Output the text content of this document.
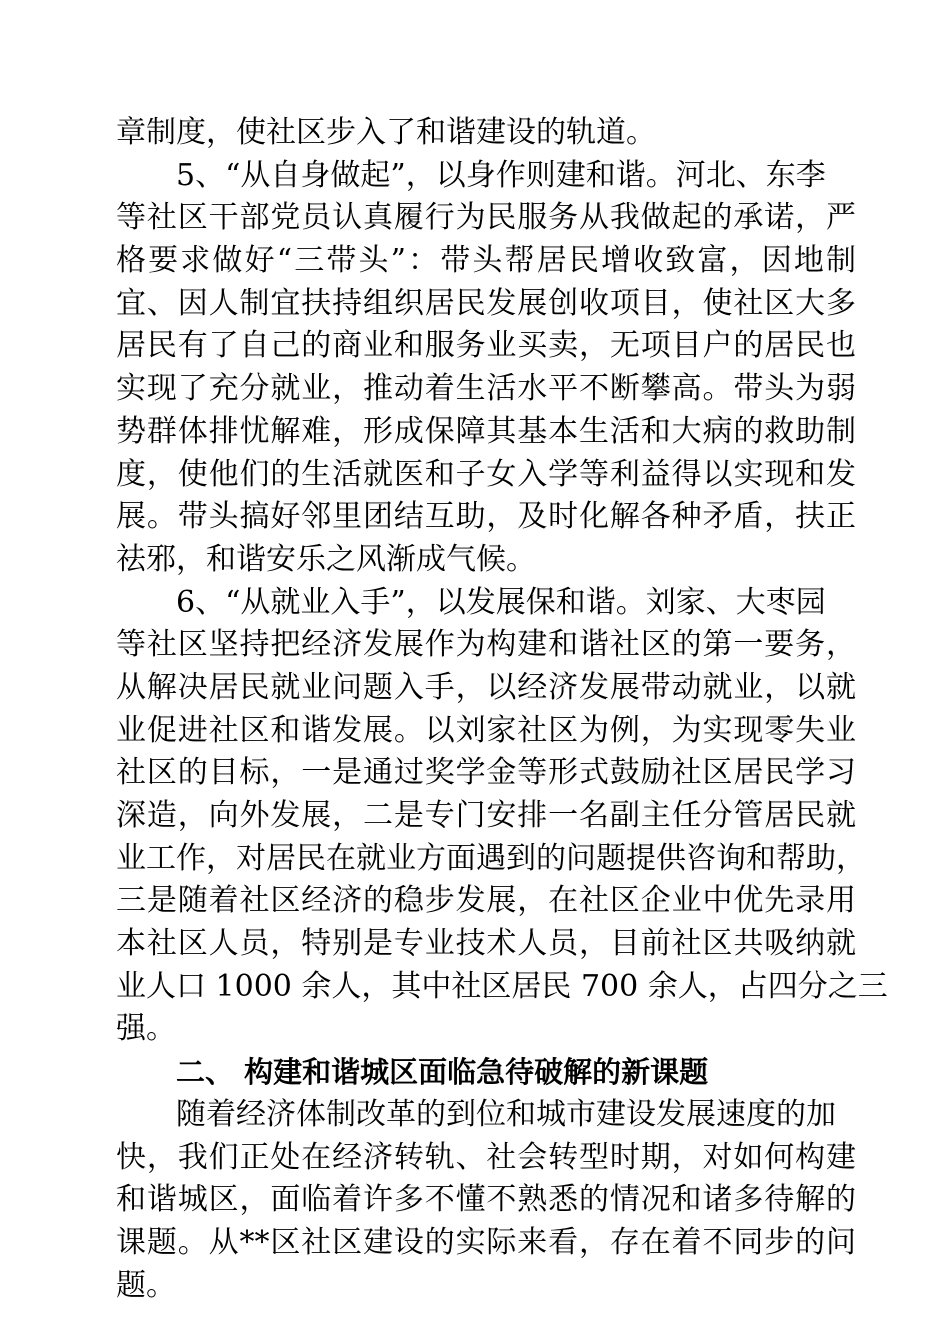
章制度，使社区步入了和谐建设的轨道。
5、“从自身做起”，以身作则建和谐。河北、东李
等社区干部党员认真履行为民服务从我做起的承诺，严
格要求做好“三带头”：带头帮居民增收致富，因地制
宜、因人制宜扶持组织居民发展创收项目，使社区大多
居民有了自己的商业和服务业买卖，无项目户的居民也
实现了充分就业，推动着生活水平不断攀高。带头为弱
势群体排忧解难，形成保障其基本生活和大病的救助制
度，使他们的生活就医和子女入学等利益得以实现和发
展。带头搞好邻里团结互助，及时化解各种矛盾，扶正
祛邪，和谐安乐之风渐成气候。
6、“从就业入手”，以发展保和谐。刘家、大枣园
等社区坚持把经济发展作为构建和谐社区的第一要务，
从解决居民就业问题入手，以经济发展带动就业，以就
业促进社区和谐发展。以刘家社区为例，为实现零失业
社区的目标，一是通过奖学金等形式鼓励社区居民学习
深造，向外发展，二是专门安排一名副主任分管居民就
业工作，对居民在就业方面遇到的问题提供咨询和帮助，
三是随着社区经济的稳步发展，在社区企业中优先录用
本社区人员，特别是专业技术人员，目前社区共吸纳就
业人口 1000 余人，其中社区居民 700 余人，占四分之三
强。
二、 构建和谐城区面临急待破解的新课题
随着经济体制改革的到位和城市建设发展速度的加
快，我们正处在经济转轨、社会转型时期，对如何构建
和谐城区，面临着许多不懂不熟悉的情况和诸多待解的
课题。从**区社区建设的实际来看，存在着不同步的问
题。
